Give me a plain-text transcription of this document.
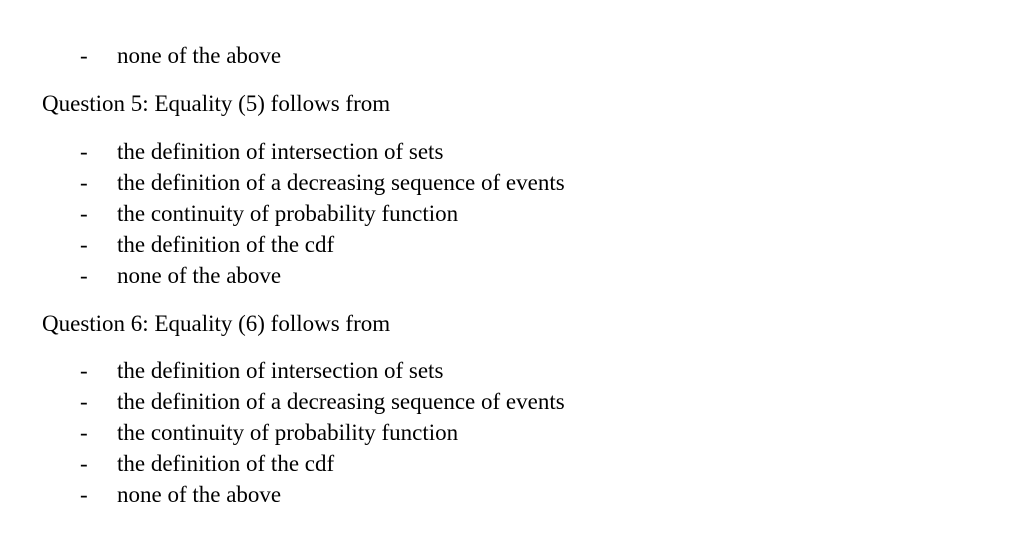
- none of the above
Question 5: Equality (5) follows from
- the definition of intersection of sets
- the definition of a decreasing sequence of events
- the continuity of probability function
- the definition of the cdf
- none of the above
Question 6: Equality (6) follows from
- the definition of intersection of sets
- the definition of a decreasing sequence of events
- the continuity of probability function
- the definition of the cdf
- none of the above
